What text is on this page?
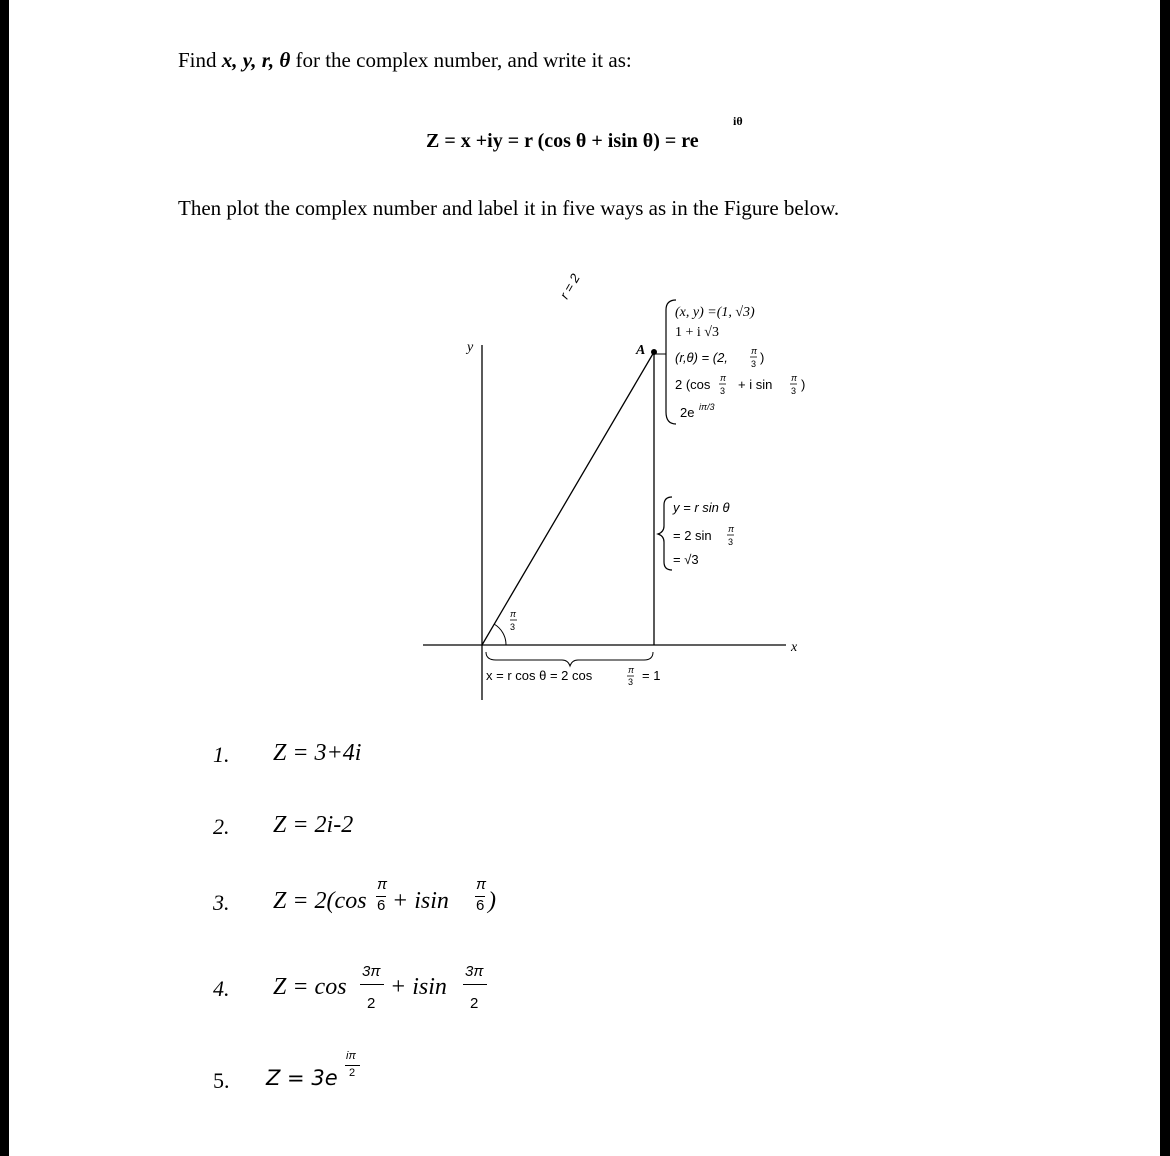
Find x, y, r, θ for the complex number, and write it as:
Z = x +iy = r (cos θ + isin θ) = re
iθ
Then plot the complex number and label it in five ways as in the Figure below.
y
x
A
r = 2
π
3
x = r cos θ = 2 cos	π
3 = 1
(x, y) =(1, √3)
1 + i √3
(r,θ) = (2,	π
3 )
2 (cos π
3 + i sin π
3 )
2e iπ/3
y = r sin θ
= 2 sin π
3
= √3
1. Z = 3+4i
2. Z = 2i-2
3. Z = 2(cos
π
6 + isin
π
6 )
4. Z = cos
3π
2
+ isin
3π
2
5. Z = 3e
iπ
2
